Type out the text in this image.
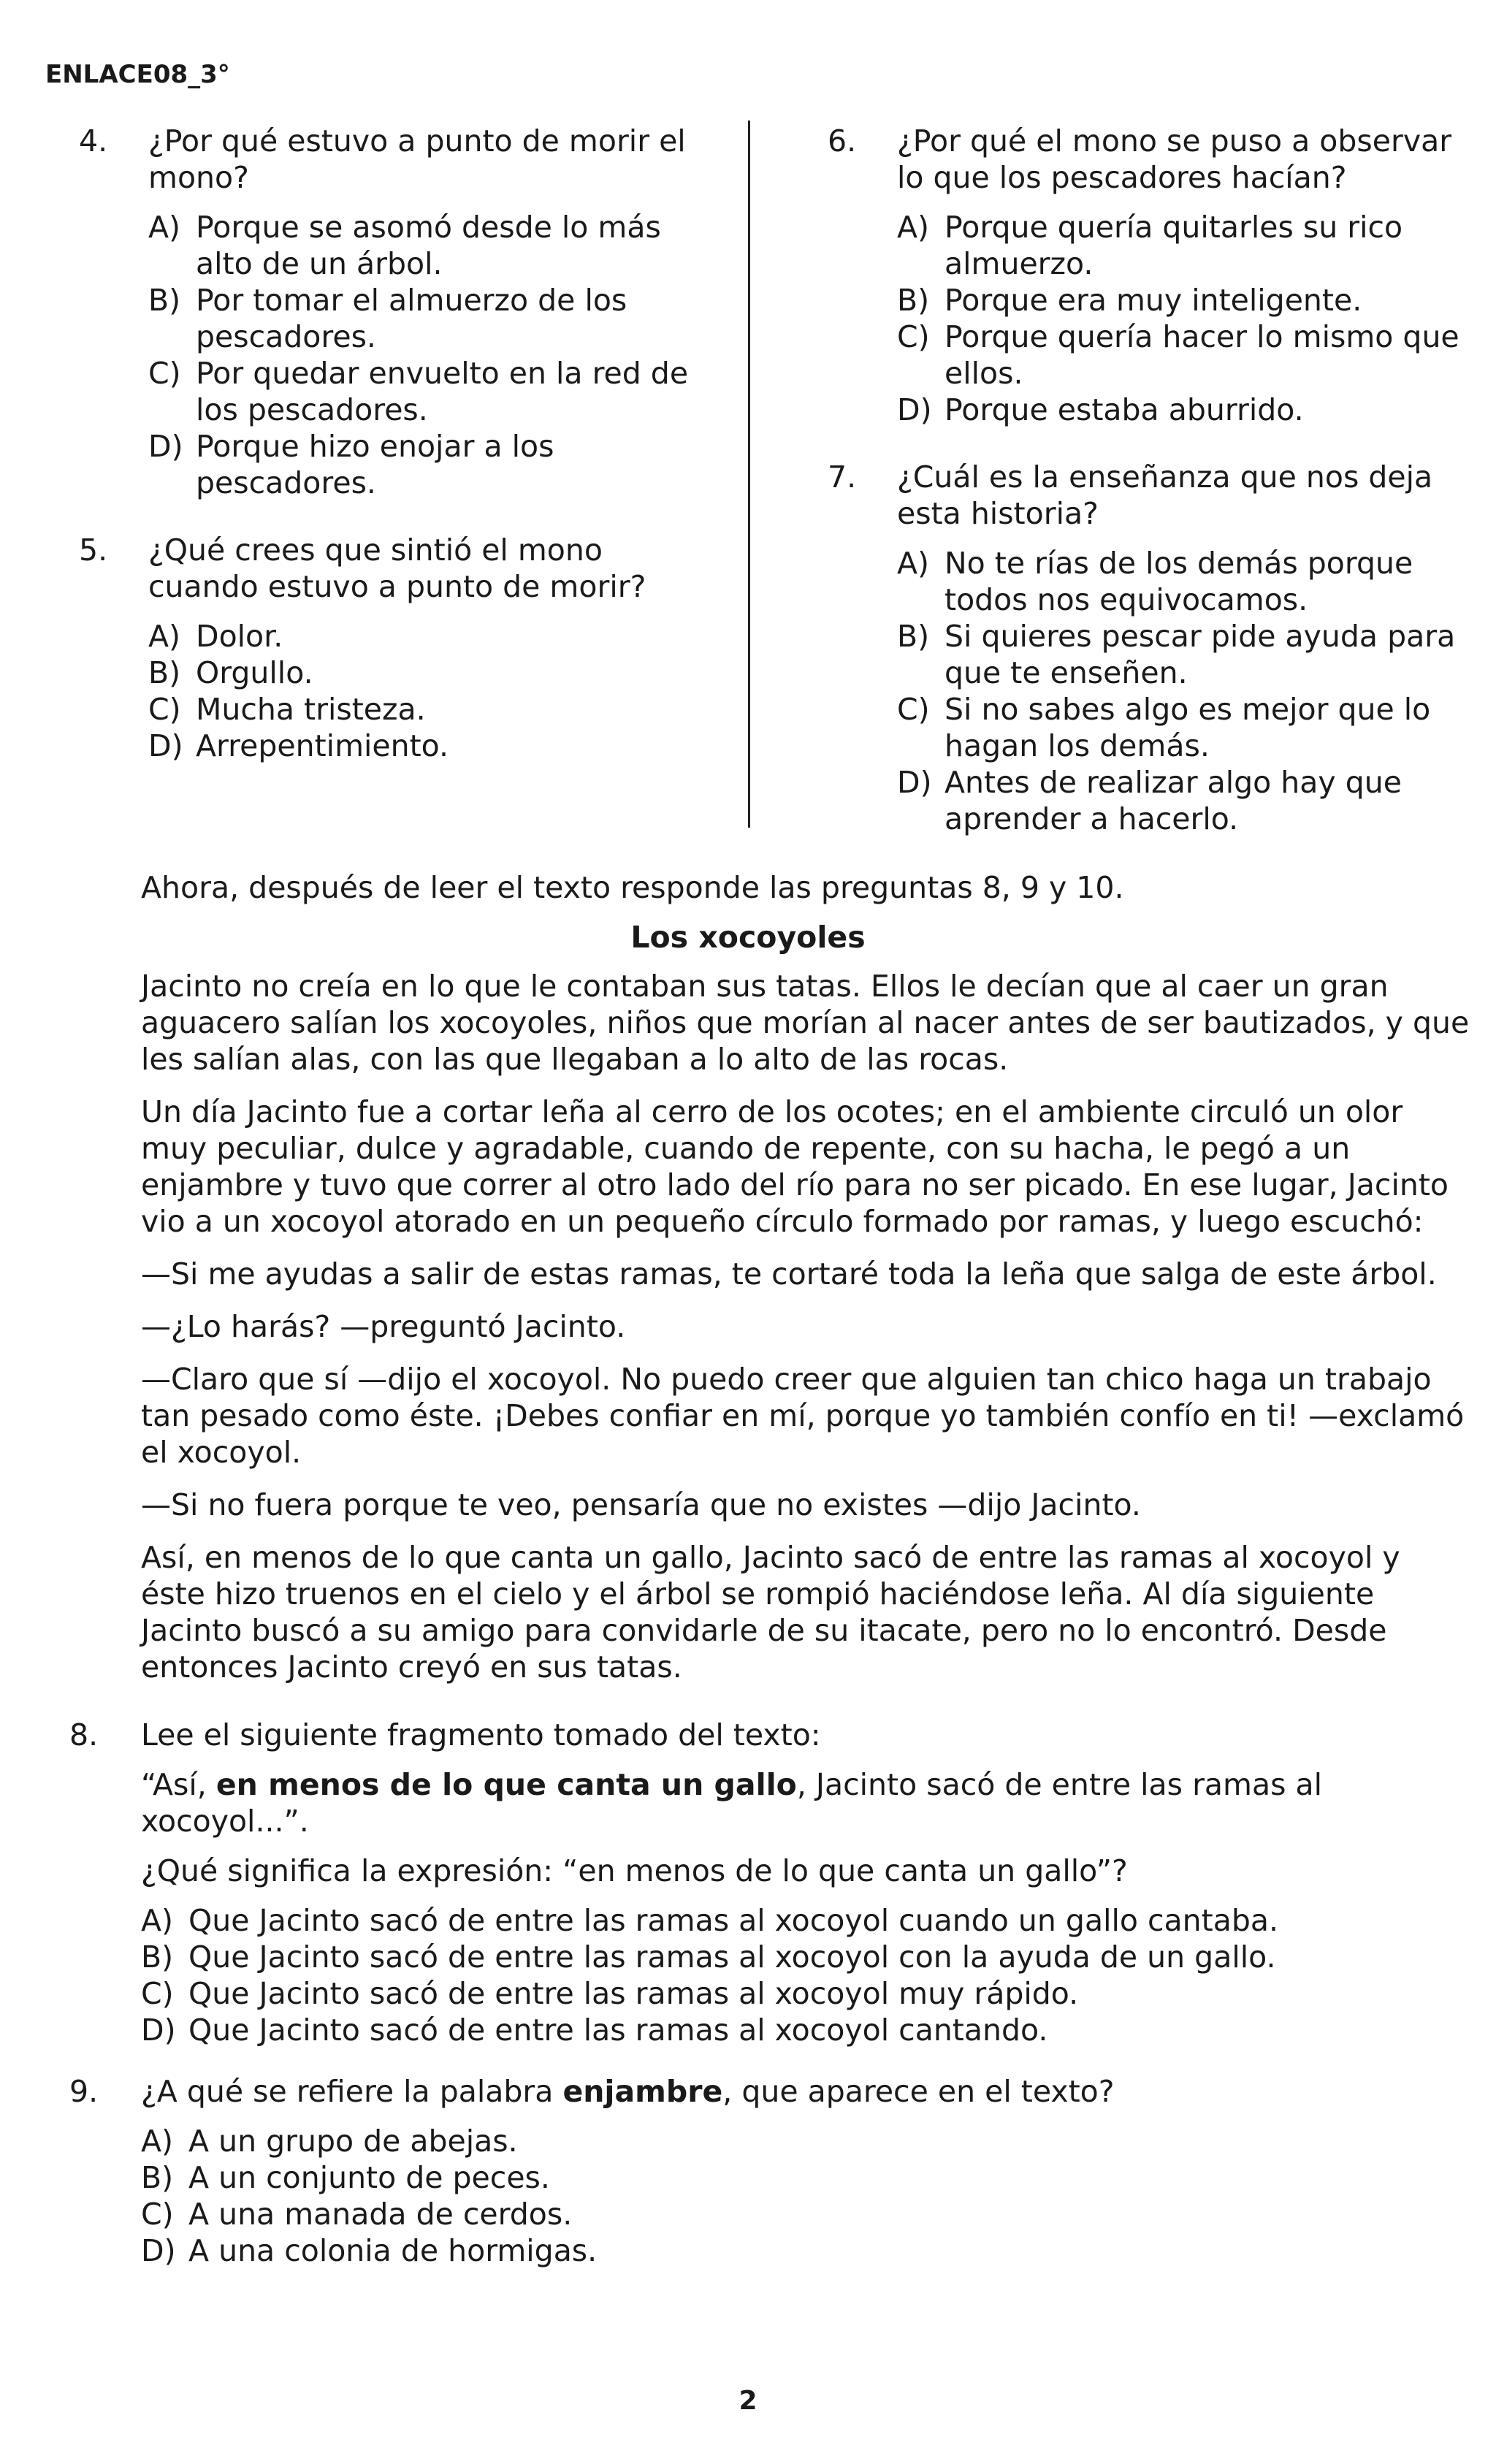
ENLACE08_3°
4. ¿Por qué estuvo a punto de morir el mono?
A) Porque se asomó desde lo más alto de un árbol.
B) Por tomar el almuerzo de los pescadores.
C) Por quedar envuelto en la red de los pescadores.
D) Porque hizo enojar a los pescadores.
5. ¿Qué crees que sintió el mono cuando estuvo a punto de morir?
A) Dolor.
B) Orgullo.
C) Mucha tristeza.
D) Arrepentimiento.
6. ¿Por qué el mono se puso a observar lo que los pescadores hacían?
A) Porque quería quitarles su rico almuerzo.
B) Porque era muy inteligente.
C) Porque quería hacer lo mismo que ellos.
D) Porque estaba aburrido.
7. ¿Cuál es la enseñanza que nos deja esta historia?
A) No te rías de los demás porque todos nos equivocamos.
B) Si quieres pescar pide ayuda para que te enseñen.
C) Si no sabes algo es mejor que lo hagan los demás.
D) Antes de realizar algo hay que aprender a hacerlo.
Ahora, después de leer el texto responde las preguntas 8, 9 y 10.
Los xocoyoles

Jacinto no creía en lo que le contaban sus tatas. Ellos le decían que al caer un gran aguacero salían los xocoyoles, niños que morían al nacer antes de ser bautizados, y que les salían alas, con las que llegaban a lo alto de las rocas.

Un día Jacinto fue a cortar leña al cerro de los ocotes; en el ambiente circuló un olor muy peculiar, dulce y agradable, cuando de repente, con su hacha, le pegó a un enjambre y tuvo que correr al otro lado del río para no ser picado. En ese lugar, Jacinto vio a un xocoyol atorado en un pequeño círculo formado por ramas, y luego escuchó:

—Si me ayudas a salir de estas ramas, te cortaré toda la leña que salga de este árbol.

—¿Lo harás? —preguntó Jacinto.

—Claro que sí —dijo el xocoyol. No puedo creer que alguien tan chico haga un trabajo tan pesado como éste. ¡Debes confiar en mí, porque yo también confío en ti! —exclamó el xocoyol.

—Si no fuera porque te veo, pensaría que no existes —dijo Jacinto.

Así, en menos de lo que canta un gallo, Jacinto sacó de entre las ramas al xocoyol y éste hizo truenos en el cielo y el árbol se rompió haciéndose leña. Al día siguiente Jacinto buscó a su amigo para convidarle de su itacate, pero no lo encontró. Desde entonces Jacinto creyó en sus tatas.

8. Lee el siguiente fragmento tomado del texto:
“Así, en menos de lo que canta un gallo, Jacinto sacó de entre las ramas al xocoyol...”.
¿Qué significa la expresión: “en menos de lo que canta un gallo”?
A) Que Jacinto sacó de entre las ramas al xocoyol cuando un gallo cantaba.
B) Que Jacinto sacó de entre las ramas al xocoyol con la ayuda de un gallo.
C) Que Jacinto sacó de entre las ramas al xocoyol muy rápido.
D) Que Jacinto sacó de entre las ramas al xocoyol cantando.
9. ¿A qué se refiere la palabra enjambre, que aparece en el texto?
A) A un grupo de abejas.
B) A un conjunto de peces.
C) A una manada de cerdos.
D) A una colonia de hormigas.
2
